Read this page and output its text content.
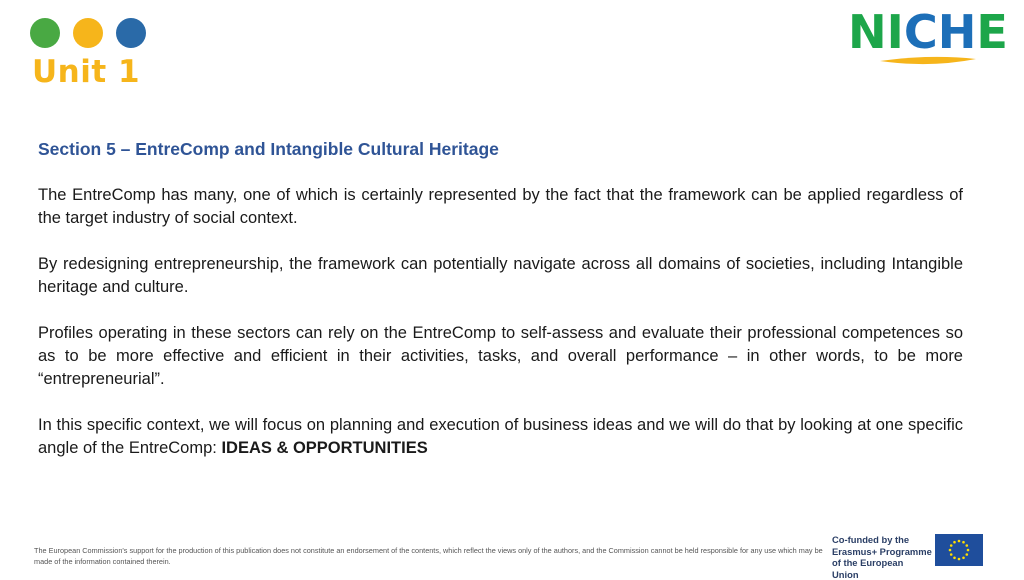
Unit 1
NICHE

Section 5 – EntreComp and Intangible Cultural Heritage

The EntreComp has many, one of which is certainly represented by the fact that the framework can be applied regardless of the target industry of social context.

By redesigning entrepreneurship, the framework can potentially navigate across all domains of societies, including Intangible heritage and culture.

Profiles operating in these sectors can rely on the EntreComp to self-assess and evaluate their professional competences so as to be more effective and efficient in their activities, tasks, and overall performance – in other words, to be more “entrepreneurial”.

In this specific context, we will focus on planning and execution of business ideas and we will do that by looking at one specific angle of the EntreComp: IDEAS & OPPORTUNITIES

The European Commission's support for the production of this publication does not constitute an endorsement of the contents, which reflect the views only of the authors, and the Commission cannot be held responsible for any use which may be made of the information contained therein.
Co-funded by the
Erasmus+ Programme
of the European Union
